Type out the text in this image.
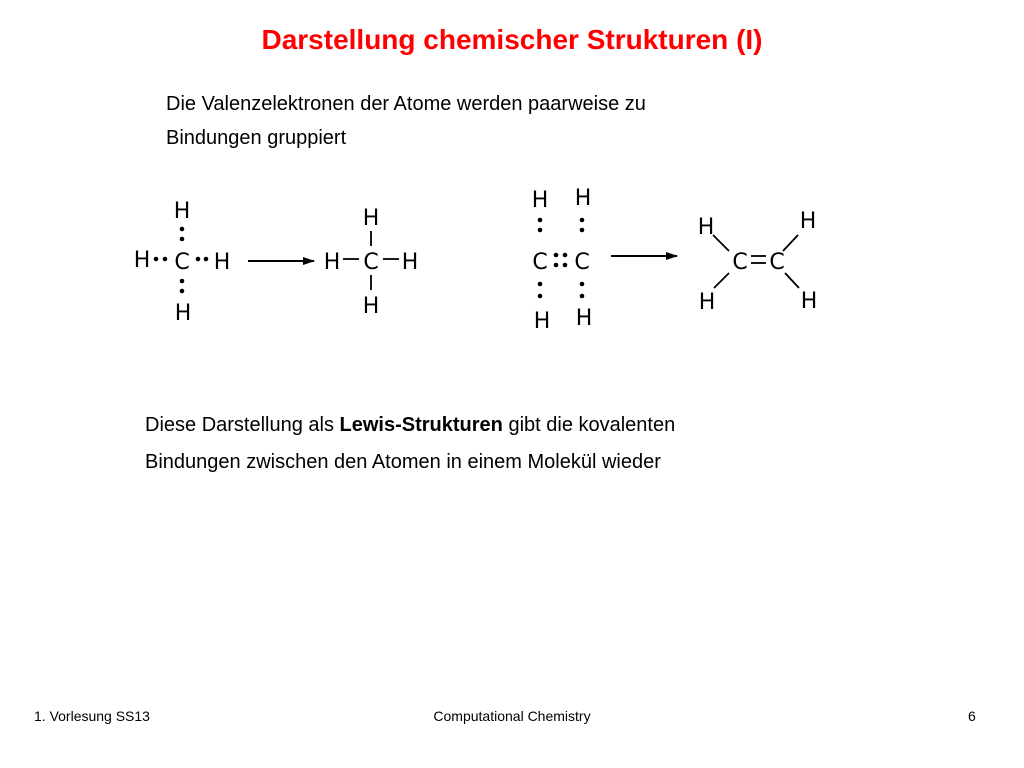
Darstellung chemischer Strukturen (I)
Die Valenzelektronen der Atome werden paarweise zu
Bindungen gruppiert
H
H C H
H
H
H C H
H
H H
C C
H H
H	H
C C
H	H
Diese Darstellung als Lewis-Strukturen gibt die kovalenten
Bindungen zwischen den Atomen in einem Molekül wieder
1. Vorlesung SS13	Computational Chemistry	6
